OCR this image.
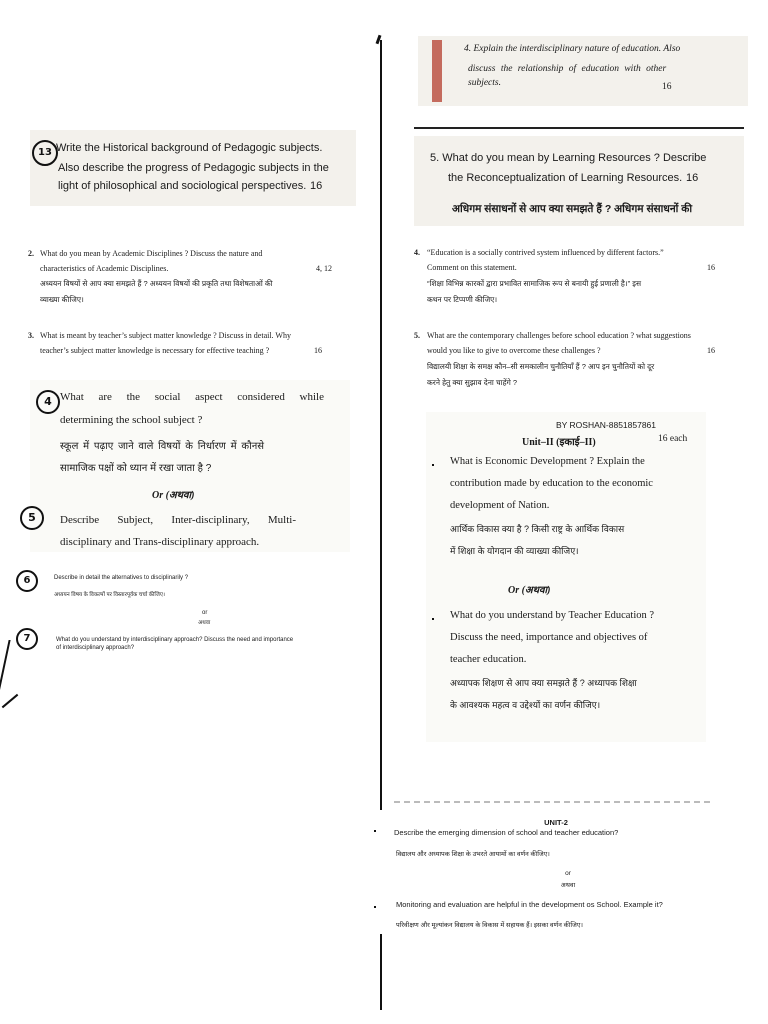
4. Explain the interdisciplinary nature of education. Also
discuss the relationship of education with other
subjects.	16
13 Write the Historical background of Pedagogic subjects.
Also describe the progress of Pedagogic subjects in the
light of philosophical and sociological perspectives. 16
5. What do you mean by Learning Resources ? Describe
the Reconceptualization of Learning Resources. 16
अधिगम संसाधनों से आप क्या समझते हैं ? अधिगम संसाधनों की
2. What do you mean by Academic Disciplines ? Discuss the nature and
characteristics of Academic Disciplines.	4, 12
अध्ययन विषयों से आप क्या समझते हैं ? अध्ययन विषयों की प्रकृति तथा विशेषताओं की
व्याख्या कीजिए।
4. “Education is a socially contrived system influenced by different factors.”
Comment on this statement.	16
“शिक्षा विभिन्न कारकों द्वारा प्रभावित सामाजिक रूप से बनायी हुई प्रणाली है।” इस
कथन पर टिप्पणी कीजिए।
3. What is meant by teacher’s subject matter knowledge ? Discuss in detail. Why
teacher’s subject matter knowledge is necessary for effective teaching ?	16
5. What are the contemporary challenges before school education ? what suggestions
would you like to give to overcome these challenges ?	16
विद्यालयी शिक्षा के समक्ष कौन–सी समकालीन चुनौतियाँ हैं ? आप इन चुनौतियों को दूर
करने हेतु क्या सुझाव देना चाहेंगे ?
4 What are the social aspect considered while
determining the school subject ?
स्कूल में पढ़ाए जाने वाले विषयों के निर्धारण में कौनसे
सामाजिक पक्षों को ध्यान में रखा जाता है ?
Or (अथवा)
5	Describe Subject, Inter-disciplinary, Multi-
disciplinary and Trans-disciplinary approach.
BY ROSHAN-8851857861
Unit–II (इकाई–II)	16 each
What is Economic Development ? Explain the
contribution made by education to the economic
development of Nation.
आर्थिक विकास क्या है ? किसी राष्ट्र के आर्थिक विकास
में शिक्षा के योगदान की व्याख्या कीजिए।
Or (अथवा)
What do you understand by Teacher Education ?
Discuss the need, importance and objectives of
teacher education.
अध्यापक शिक्षण से आप क्या समझते हैं ? अध्यापक शिक्षा
के आवश्यक महत्व व उद्देश्यों का वर्णन कीजिए।
6	Describe in detail the alternatives to disciplinarily ?
अध्ययन विषय के विकल्पों पर विस्तारपूर्वक चर्चा कीजिए।
or
अथवा
7	What do you understand by interdisciplinary approach? Discuss the need and importance
of interdisciplinary approach?
UNIT-2
Describe the emerging dimension of school and teacher education?
विद्यालय और अध्यापक शिक्षा के उभरते आयामों का वर्णन कीजिए।
or
अथवा
Monitoring and evaluation are helpful in the development os School. Example it?
परिवीक्षण और मूल्यांकन विद्यालय के विकास में सहायक हैं। इसका वर्णन कीजिए।
